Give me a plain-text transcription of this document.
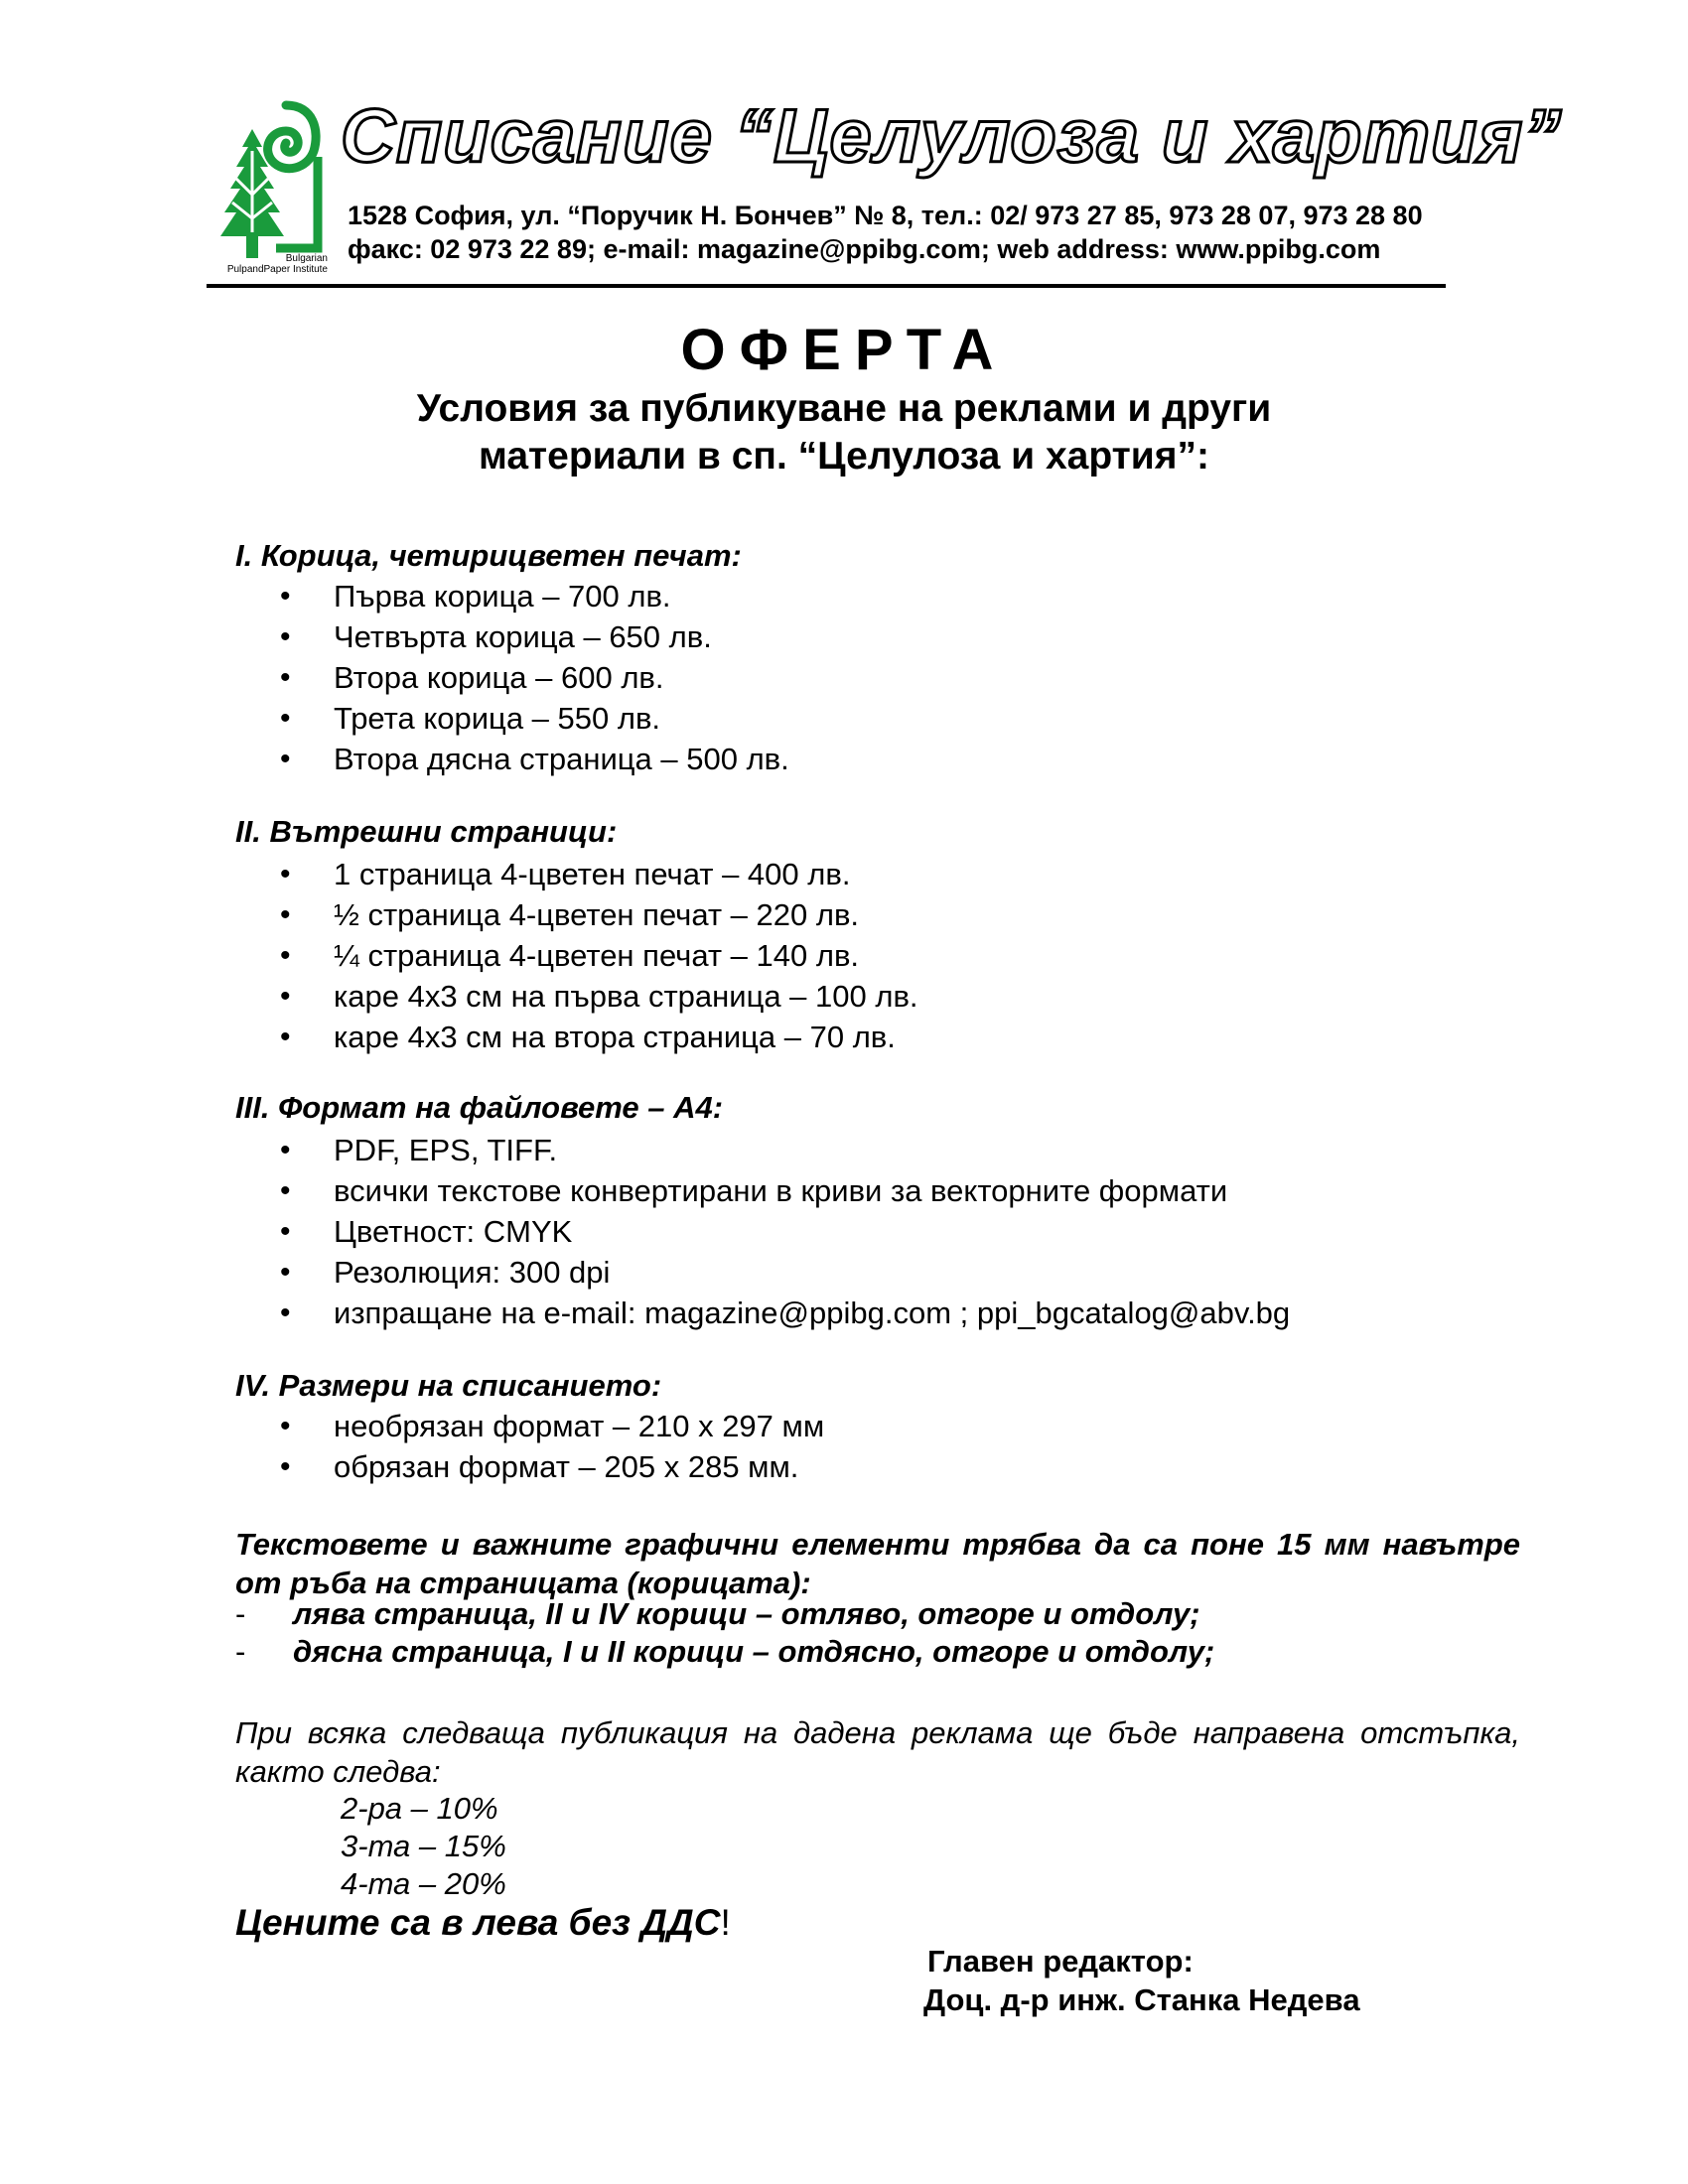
Bulgarian
PulpandPaper Institute
Списание “Целулоза и хартия”
1528 София, ул. “Поручик Н. Бончев” № 8, тел.: 02/ 973 27 85, 973 28 07, 973 28 80
факс: 02 973 22 89; e-mail: magazine@ppibg.com; web address: www.ppibg.com
ОФЕРТА
Условия за публикуване на реклами и други
материали в сп. “Целулоза и хартия”:
I. Корица, четирицветен печат:
• Първа корица – 700 лв.
• Четвърта корица – 650 лв.
• Втора корица – 600 лв.
• Трета корица – 550 лв.
• Втора дясна страница – 500 лв.
II. Вътрешни страници:
• 1 страница 4-цветен печат – 400 лв.
• ½ страница 4-цветен печат – 220 лв.
• ¼ страница 4-цветен печат – 140 лв.
• каре 4х3 см на първа страница – 100 лв.
• каре 4х3 см на втора страница – 70 лв.
III. Формат на файловете – А4:
• PDF, EPS, TIFF.
• всички текстове конвертирани в криви за векторните формати
• Цветност: CMYK
• Резолюция: 300 dpi
• изпращане на e-mail: magazine@ppibg.com ; ppi_bgcatalog@abv.bg
IV. Размери на списанието:
• необрязан формат – 210 х 297 мм
• обрязан формат – 205 х 285 мм.
Текстовете и важните графични елементи трябва да са поне 15 мм навътре от ръба на страницата (корицата):
- лява страница, II и IV корици – отляво, отгоре и отдолу;
- дясна страница, I и II корици – отдясно, отгоре и отдолу;
При всяка следваща публикация на дадена реклама ще бъде направена отстъпка, както следва:
2-ра – 10%
3-та – 15%
4-та – 20%
Цените са в лева без ДДС!
Главен редактор:
Доц. д-р инж. Станка Недева
